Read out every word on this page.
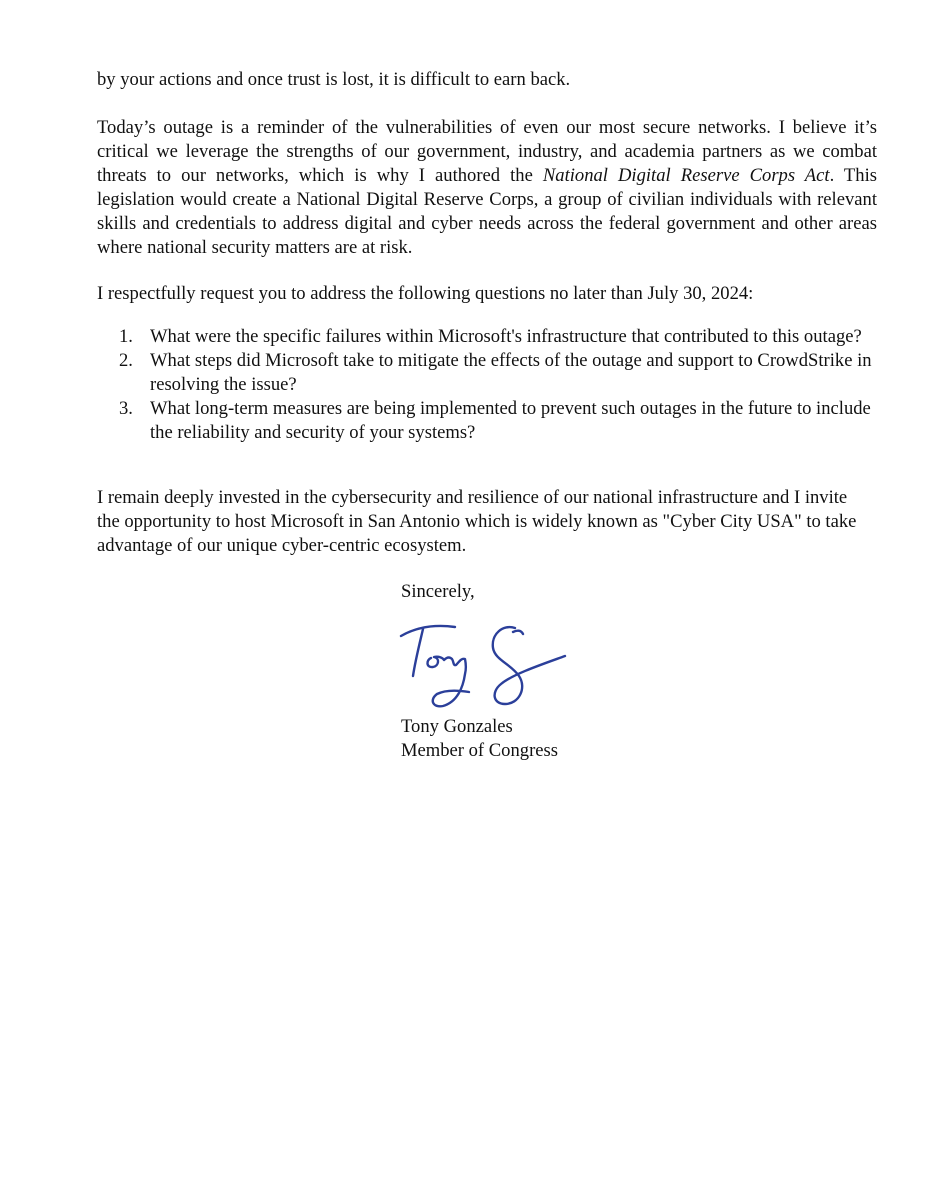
by your actions and once trust is lost, it is difficult to earn back.

Today’s outage is a reminder of the vulnerabilities of even our most secure networks. I believe it’s critical we leverage the strengths of our government, industry, and academia partners as we combat threats to our networks, which is why I authored the National Digital Reserve Corps Act. This legislation would create a National Digital Reserve Corps, a group of civilian individuals with relevant skills and credentials to address digital and cyber needs across the federal government and other areas where national security matters are at risk.

I respectfully request you to address the following questions no later than July 30, 2024:

1. What were the specific failures within Microsoft's infrastructure that contributed to this outage?
2. What steps did Microsoft take to mitigate the effects of the outage and support to CrowdStrike in resolving the issue?
3. What long-term measures are being implemented to prevent such outages in the future to include the reliability and security of your systems?

I remain deeply invested in the cybersecurity and resilience of our national infrastructure and I invite the opportunity to host Microsoft in San Antonio which is widely known as "Cyber City USA" to take advantage of our unique cyber-centric ecosystem.

Sincerely,

Tony Gonzales

Member of Congress
